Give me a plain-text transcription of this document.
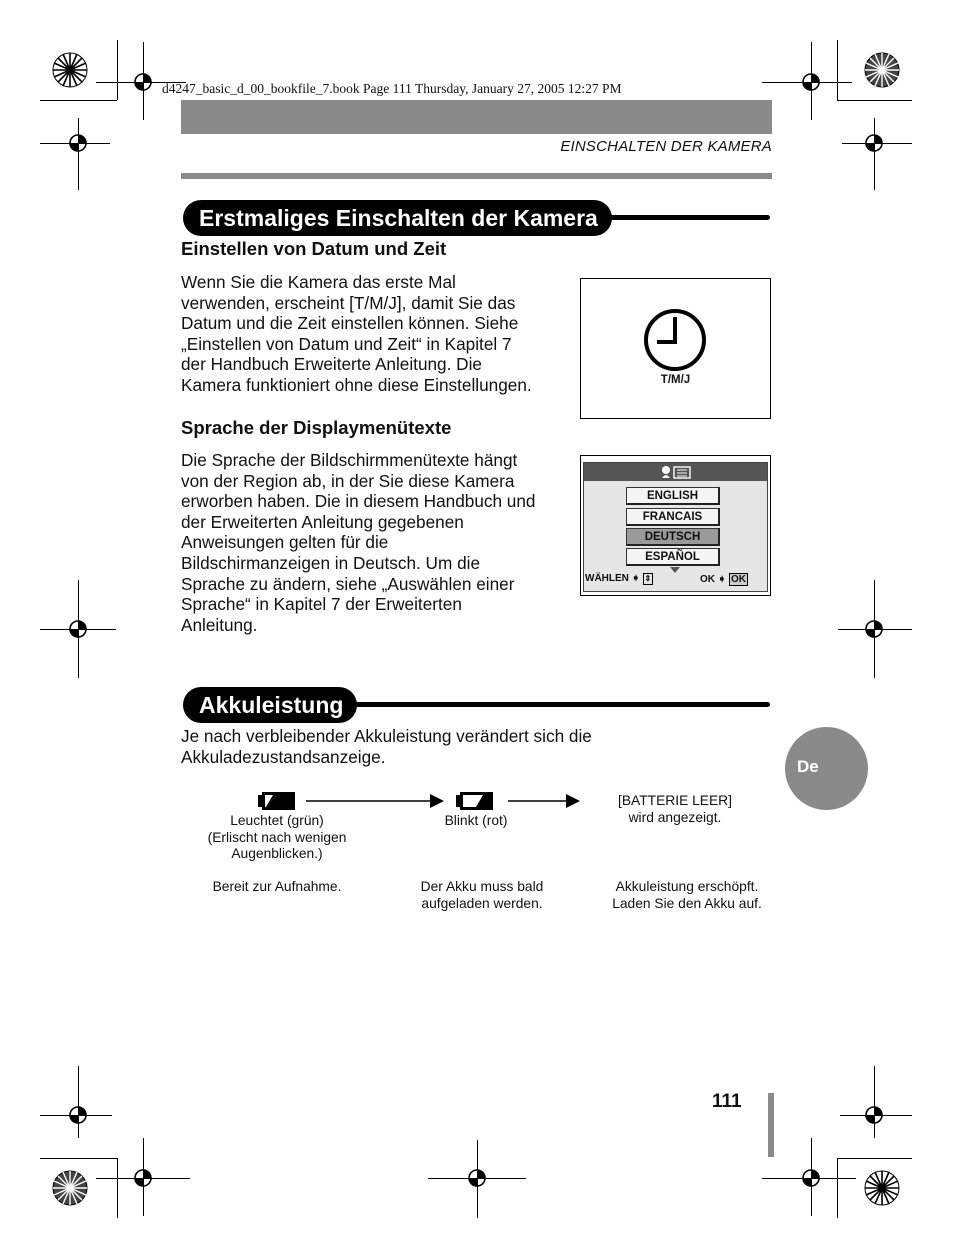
d4247_basic_d_00_bookfile_7.book Page 111 Thursday, January 27, 2005 12:27 PM
EINSCHALTEN DER KAMERA
Erstmaliges Einschalten der Kamera
Einstellen von Datum und Zeit
Wenn Sie die Kamera das erste Mal
verwenden, erscheint [T/M/J], damit Sie das
Datum und die Zeit einstellen können. Siehe
„Einstellen von Datum und Zeit“ in Kapitel 7
der Handbuch Erweiterte Anleitung. Die
Kamera funktioniert ohne diese Einstellungen.	T/M/J
Sprache der Displaymenütexte
Die Sprache der Bildschirmmenütexte hängt
von der Region ab, in der Sie diese Kamera
erworben haben. Die in diesem Handbuch und
der Erweiterten Anleitung gegebenen
Anweisungen gelten für die
Bildschirmanzeigen in Deutsch. Um die
Sprache zu ändern, siehe „Auswählen einer
Sprache“ in Kapitel 7 der Erweiterten
Anleitung.
ENGLISH
FRANCAIS
DEUTSCH
ESPAÑOL
WÄHLEN ➧ ⇕	OK ➧ OK
Akkuleistung
Je nach verbleibender Akkuleistung verändert sich die
Akkuladezustandsanzeige.
Leuchtet (grün)
(Erlischt nach wenigen
Augenblicken.)
Blinkt (rot)
[BATTERIE LEER]
wird angezeigt.
Bereit zur Aufnahme.	Der Akku muss bald
aufgeladen werden.
Akkuleistung erschöpft.
Laden Sie den Akku auf.
De
111
